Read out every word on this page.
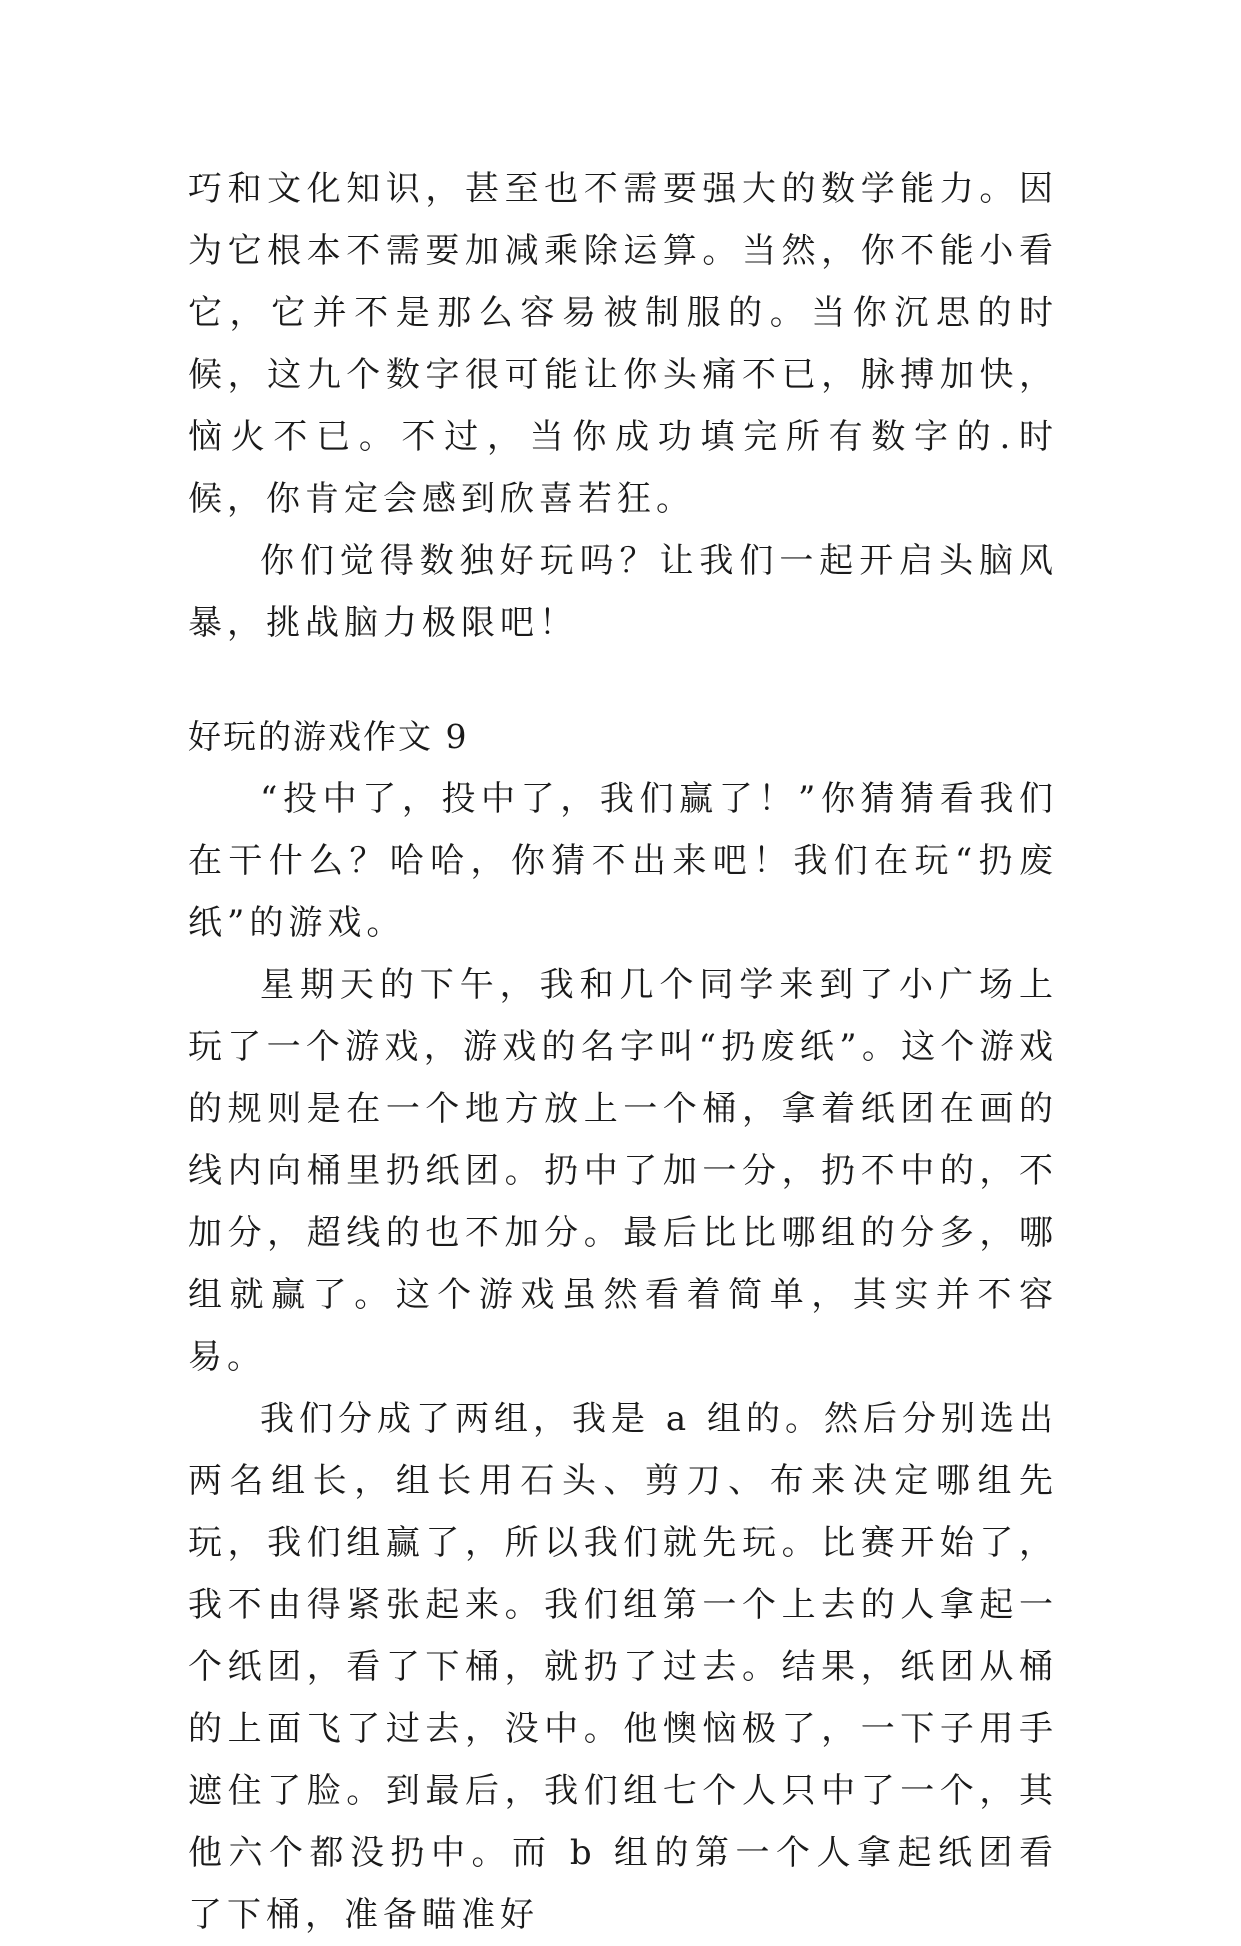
巧和文化知识，甚至也不需要强大的数学能力。因为它根本不需要加减乘除运算。当然，你不能小看它，它并不是那么容易被制服的。当你沉思的时候，这九个数字很可能让你头痛不已，脉搏加快，恼火不已。不过，当你成功填完所有数字的.时候，你肯定会感到欣喜若狂。

你们觉得数独好玩吗？让我们一起开启头脑风暴，挑战脑力极限吧！

好玩的游戏作文 9

“投中了，投中了，我们赢了！”你猜猜看我们在干什么？哈哈，你猜不出来吧！我们在玩“扔废纸”的游戏。

星期天的下午，我和几个同学来到了小广场上玩了一个游戏，游戏的名字叫“扔废纸”。这个游戏的规则是在一个地方放上一个桶，拿着纸团在画的线内向桶里扔纸团。扔中了加一分，扔不中的，不加分，超线的也不加分。最后比比哪组的分多，哪组就赢了。这个游戏虽然看着简单，其实并不容易。

我们分成了两组，我是 a 组的。然后分别选出两名组长，组长用石头、剪刀、布来决定哪组先玩，我们组赢了，所以我们就先玩。比赛开始了，我不由得紧张起来。我们组第一个上去的人拿起一个纸团，看了下桶，就扔了过去。结果，纸团从桶的上面飞了过去，没中。他懊恼极了，一下子用手遮住了脸。到最后，我们组七个人只中了一个，其他六个都没扔中。而 b 组的第一个人拿起纸团看了下桶，准备瞄准好
